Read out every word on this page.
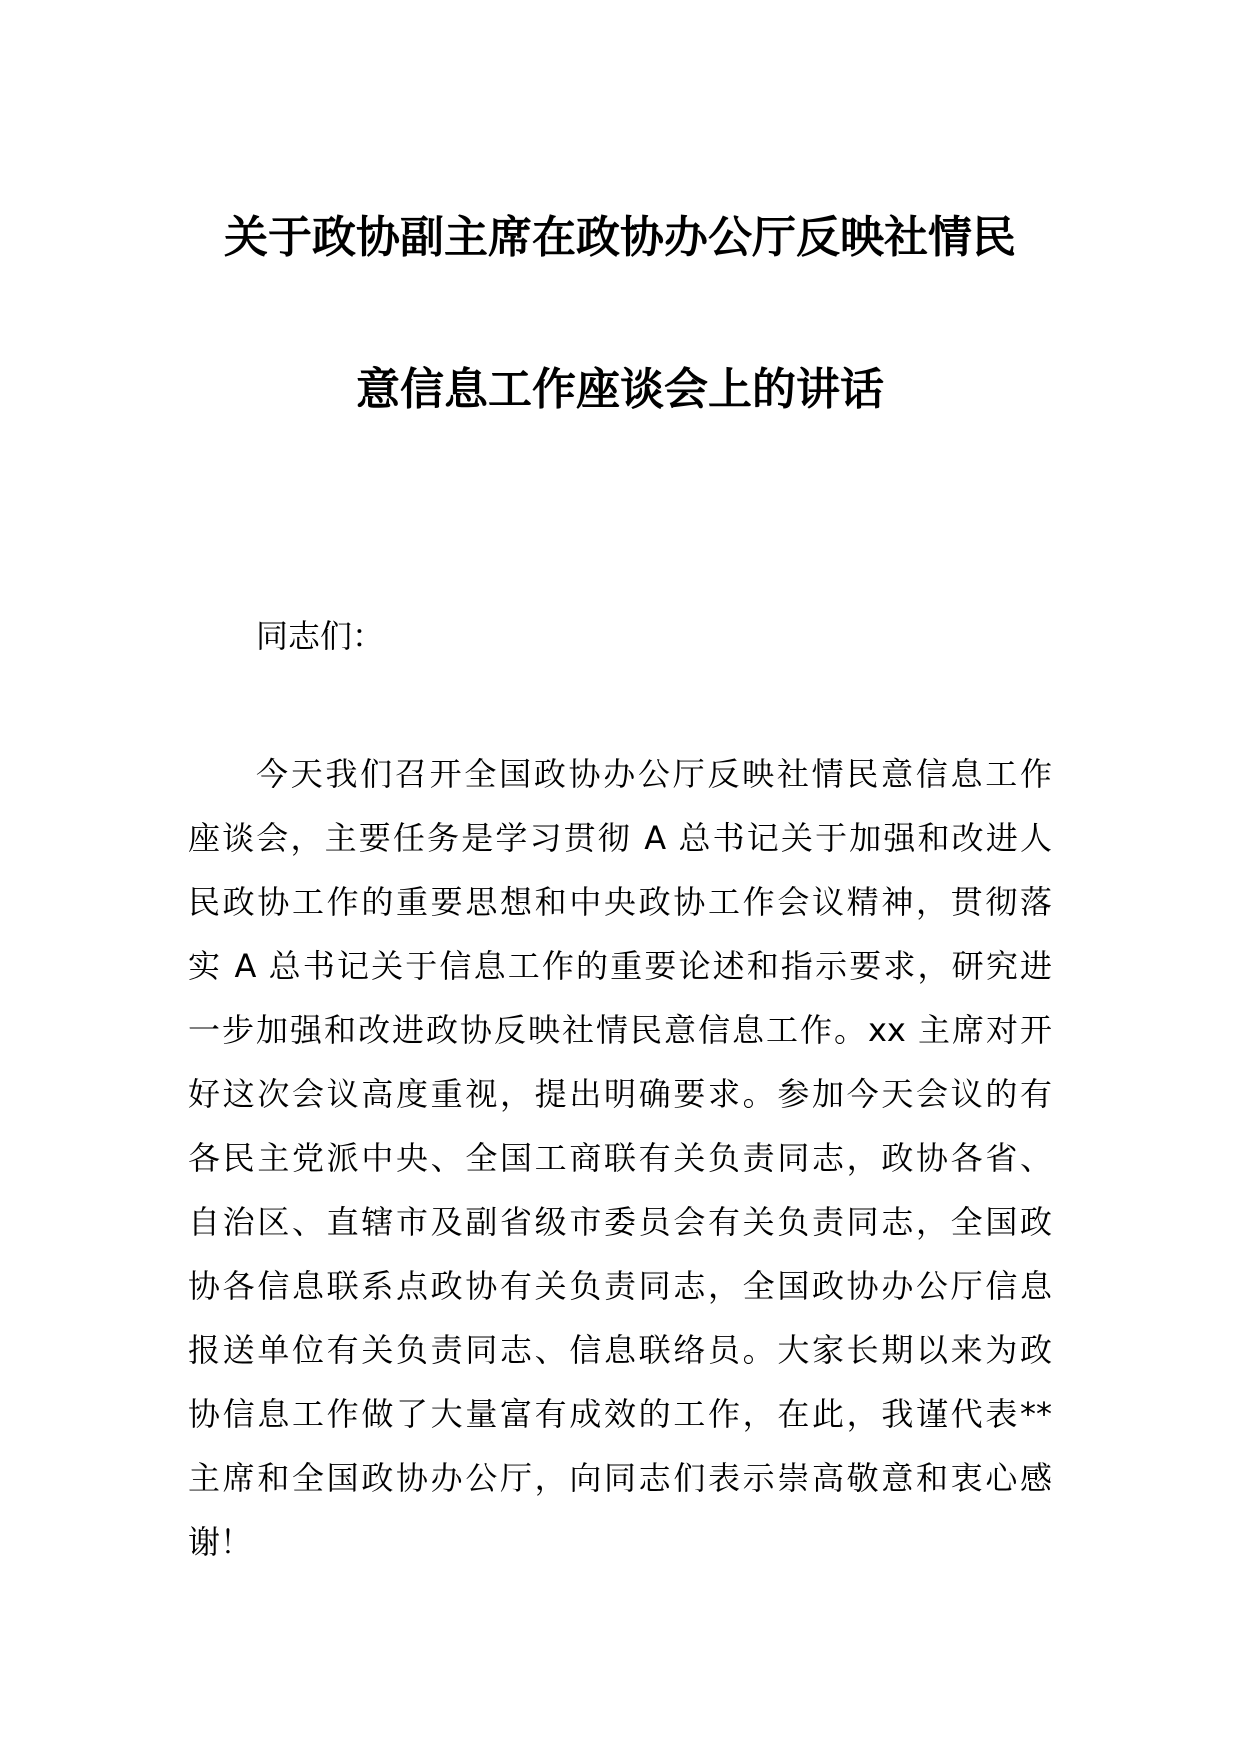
关于政协副主席在政协办公厅反映社情民
意信息工作座谈会上的讲话
同志们：
今天我们召开全国政协办公厅反映社情民意信息工作
座谈会，主要任务是学习贯彻 A 总书记关于加强和改进人
民政协工作的重要思想和中央政协工作会议精神，贯彻落
实 A 总书记关于信息工作的重要论述和指示要求，研究进
一步加强和改进政协反映社情民意信息工作。xx 主席对开
好这次会议高度重视，提出明确要求。参加今天会议的有
各民主党派中央、全国工商联有关负责同志，政协各省、
自治区、直辖市及副省级市委员会有关负责同志，全国政
协各信息联系点政协有关负责同志，全国政协办公厅信息
报送单位有关负责同志、信息联络员。大家长期以来为政
协信息工作做了大量富有成效的工作，在此，我谨代表**
主席和全国政协办公厅，向同志们表示崇高敬意和衷心感
谢！
